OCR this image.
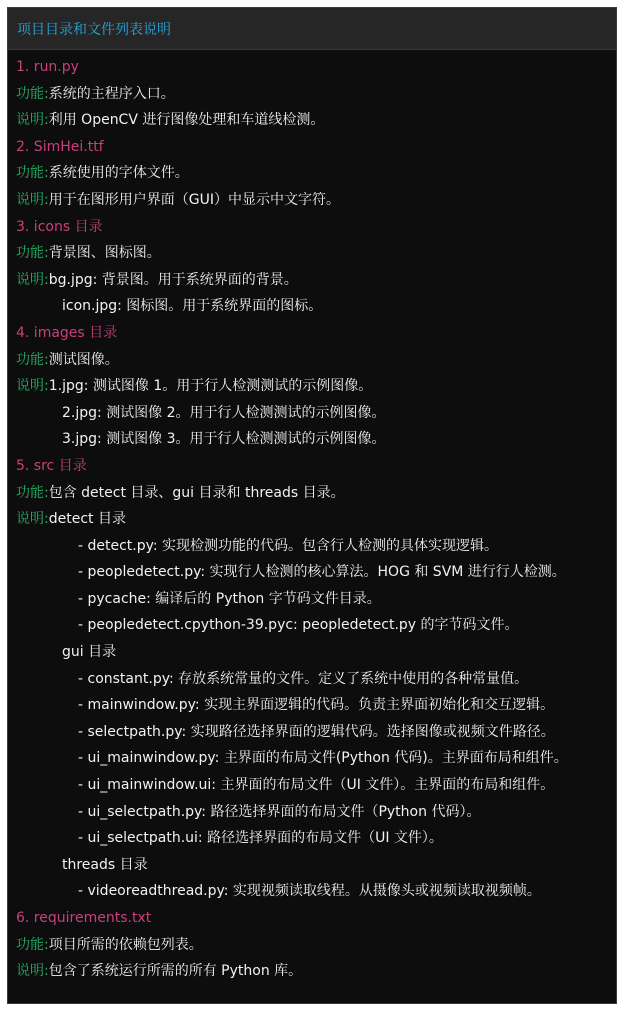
项目目录和文件列表说明
1. run.py
功能:系统的主程序入口。
说明:利用 OpenCV 进行图像处理和车道线检测。
2. SimHei.ttf
功能:系统使用的字体文件。
说明:用于在图形用户界面（GUI）中显示中文字符。
3. icons 目录
功能:背景图、图标图。
说明:bg.jpg: 背景图。用于系统界面的背景。
icon.jpg: 图标图。用于系统界面的图标。
4. images 目录
功能:测试图像。
说明:1.jpg: 测试图像 1。用于行人检测测试的示例图像。
2.jpg: 测试图像 2。用于行人检测测试的示例图像。
3.jpg: 测试图像 3。用于行人检测测试的示例图像。
5. src 目录
功能:包含 detect 目录、gui 目录和 threads 目录。
说明:detect 目录
- detect.py: 实现检测功能的代码。包含行人检测的具体实现逻辑。
- peopledetect.py: 实现行人检测的核心算法。HOG 和 SVM 进行行人检测。
- pycache: 编译后的 Python 字节码文件目录。
- peopledetect.cpython-39.pyc: peopledetect.py 的字节码文件。
gui 目录
- constant.py: 存放系统常量的文件。定义了系统中使用的各种常量值。
- mainwindow.py: 实现主界面逻辑的代码。负责主界面初始化和交互逻辑。
- selectpath.py: 实现路径选择界面的逻辑代码。选择图像或视频文件路径。
- ui_mainwindow.py: 主界面的布局文件(Python 代码)。主界面布局和组件。
- ui_mainwindow.ui: 主界面的布局文件（UI 文件）。主界面的布局和组件。
- ui_selectpath.py: 路径选择界面的布局文件（Python 代码）。
- ui_selectpath.ui: 路径选择界面的布局文件（UI 文件）。
threads 目录
- videoreadthread.py: 实现视频读取线程。从摄像头或视频读取视频帧。
6. requirements.txt
功能:项目所需的依赖包列表。
说明:包含了系统运行所需的所有 Python 库。
